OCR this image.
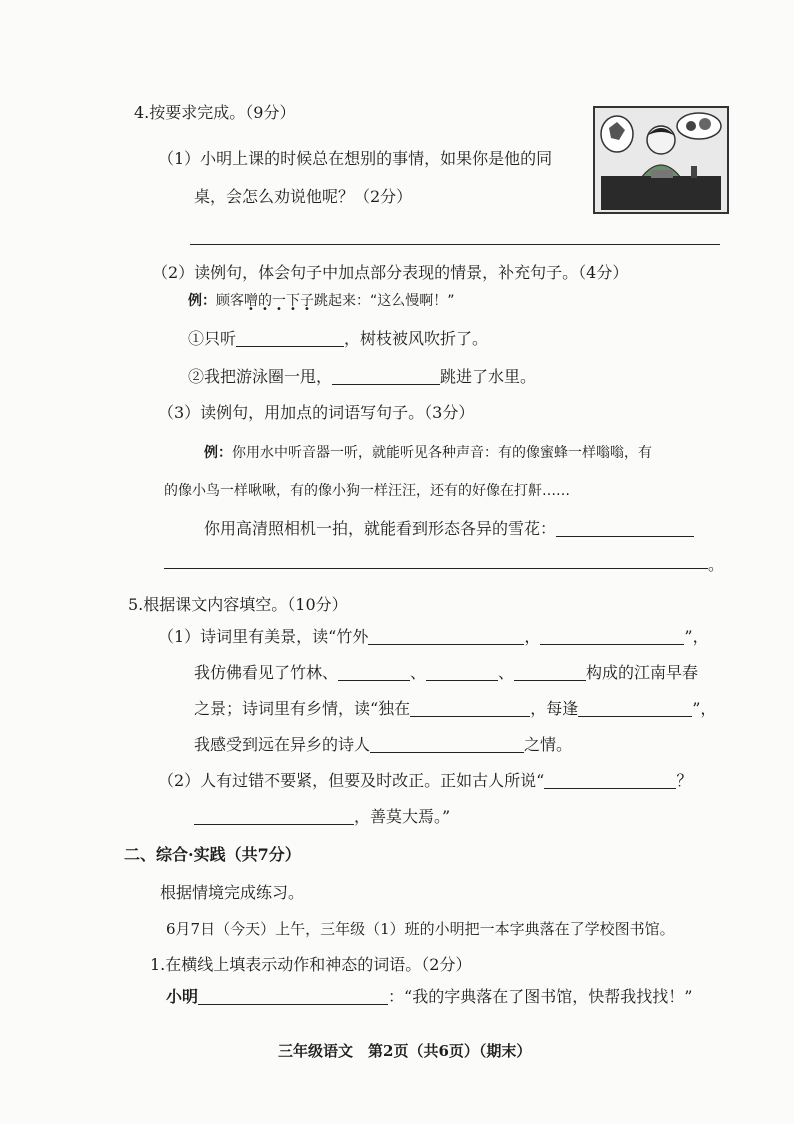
4.按要求完成。（9分）
（1）小明上课的时候总在想别的事情，如果你是他的同
桌，会怎么劝说他呢？（2分）
（2）读例句，体会句子中加点部分表现的情景，补充句子。（4分）
例：顾客噌的一下子跳起来：“这么慢啊！”
①只听	，树枝被风吹折了。
②我把游泳圈一甩，	跳进了水里。
（3）读例句，用加点的词语写句子。（3分）
例：你用水中听音器一听，就能听见各种声音：有的像蜜蜂一样嗡嗡，有
的像小鸟一样啾啾，有的像小狗一样汪汪，还有的好像在打鼾……
你用高清照相机一拍，就能看到形态各异的雪花：
。
5.根据课文内容填空。（10分）
（1）诗词里有美景，读“竹外	，	”，
我仿佛看见了竹林、	、	、	构成的江南早春
之景；诗词里有乡情，读“独在	，每逢	”，
我感受到远在异乡的诗人	之情。
（2）人有过错不要紧，但要及时改正。正如古人所说“	？
，善莫大焉。”
二、综合·实践（共7分）
根据情境完成练习。
6月7日（今天）上午，三年级（1）班的小明把一本字典落在了学校图书馆。
1.在横线上填表示动作和神态的词语。（2分）
小明	：“我的字典落在了图书馆，快帮我找找！”
三年级语文　第2页（共6页）（期末）
